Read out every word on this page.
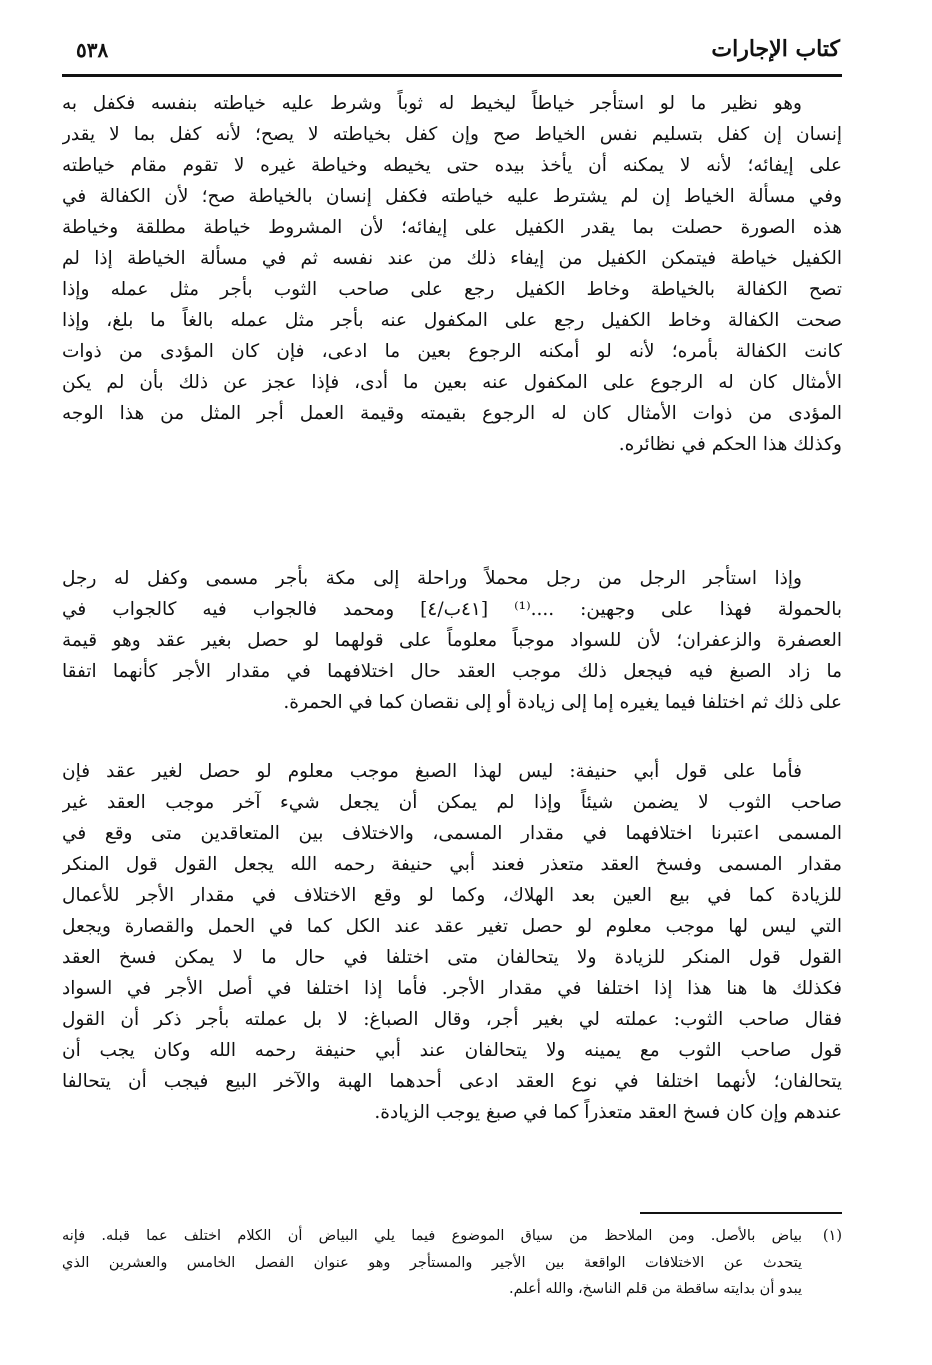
كتاب الإجارات
٥٣٨
وهو نظير ما لو استأجر خياطاً ليخيط له ثوباً وشرط عليه خياطته بنفسه فكفل به
إنسان إن كفل بتسليم نفس الخياط صح وإن كفل بخياطته لا يصح؛ لأنه كفل بما لا يقدر
على إيفائه؛ لأنه لا يمكنه أن يأخذ بيده حتى يخيطه وخياطة غيره لا تقوم مقام خياطته
وفي مسألة الخياط إن لم يشترط عليه خياطته فكفل إنسان بالخياطة صح؛ لأن الكفالة في
هذه الصورة حصلت بما يقدر الكفيل على إيفائه؛ لأن المشروط خياطة مطلقة وخياطة
الكفيل خياطة فيتمكن الكفيل من إيفاء ذلك من عند نفسه ثم في مسألة الخياطة إذا لم
تصح الكفالة بالخياطة وخاط الكفيل رجع على صاحب الثوب بأجر مثل عمله وإذا
صحت الكفالة وخاط الكفيل رجع على المكفول عنه بأجر مثل عمله بالغاً ما بلغ، وإذا
كانت الكفالة بأمره؛ لأنه لو أمكنه الرجوع بعين ما ادعى، فإن كان المؤدى من ذوات
الأمثال كان له الرجوع على المكفول عنه بعين ما أدى، فإذا عجز عن ذلك بأن لم يكن
المؤدى من ذوات الأمثال كان له الرجوع بقيمته وقيمة العمل أجر المثل من هذا الوجه
وكذلك هذا الحكم في نظائره.
وإذا استأجر الرجل من رجل محملاً وراحلة إلى مكة بأجر مسمى وكفل له رجل
بالحمولة فهذا على وجهين: ....⁽¹⁾ [٤١ب/٤] ومحمد فالجواب فيه كالجواب في
العصفرة والزعفران؛ لأن للسواد موجباً معلوماً على قولهما لو حصل بغير عقد وهو قيمة
ما زاد الصبغ فيه فيجعل ذلك موجب العقد حال اختلافهما في مقدار الأجر كأنهما اتفقا
على ذلك ثم اختلفا فيما يغيره إما إلى زيادة أو إلى نقصان كما في الحمرة.
فأما على قول أبي حنيفة: ليس لهذا الصبغ موجب معلوم لو حصل لغير عقد فإن
صاحب الثوب لا يضمن شيئاً وإذا لم يمكن أن يجعل شيء آخر موجب العقد غير
المسمى اعتبرنا اختلافهما في مقدار المسمى، والاختلاف بين المتعاقدين متى وقع في
مقدار المسمى وفسخ العقد متعذر فعند أبي حنيفة رحمه الله يجعل القول قول المنكر
للزيادة كما في بيع العين بعد الهلاك، وكما لو وقع الاختلاف في مقدار الأجر للأعمال
التي ليس لها موجب معلوم لو حصل تغير عقد عند الكل كما في الحمل والقصارة ويجعل
القول قول المنكر للزيادة ولا يتحالفان متى اختلفا في حال ما لا يمكن فسخ العقد
فكذلك ها هنا هذا إذا اختلفا في مقدار الأجر. فأما إذا اختلفا في أصل الأجر في السواد
فقال صاحب الثوب: عملته لي بغير أجر، وقال الصباغ: لا بل عملته بأجر ذكر أن القول
قول صاحب الثوب مع يمينه ولا يتحالفان عند أبي حنيفة رحمه الله وكان يجب أن
يتحالفان؛ لأنهما اختلفا في نوع العقد ادعى أحدهما الهبة والآخر البيع فيجب أن يتحالفا
عندهم وإن كان فسخ العقد متعذراً كما في صبغ يوجب الزيادة.
(١)بياض بالأصل. ومن الملاحظ من سياق الموضوع فيما يلي البياض أن الكلام اختلف عما قبله. فإنه
يتحدث عن الاختلافات الواقعة بين الأجير والمستأجر وهو عنوان الفصل الخامس والعشرين الذي
يبدو أن بدايته ساقطة من قلم الناسخ، والله أعلم.
